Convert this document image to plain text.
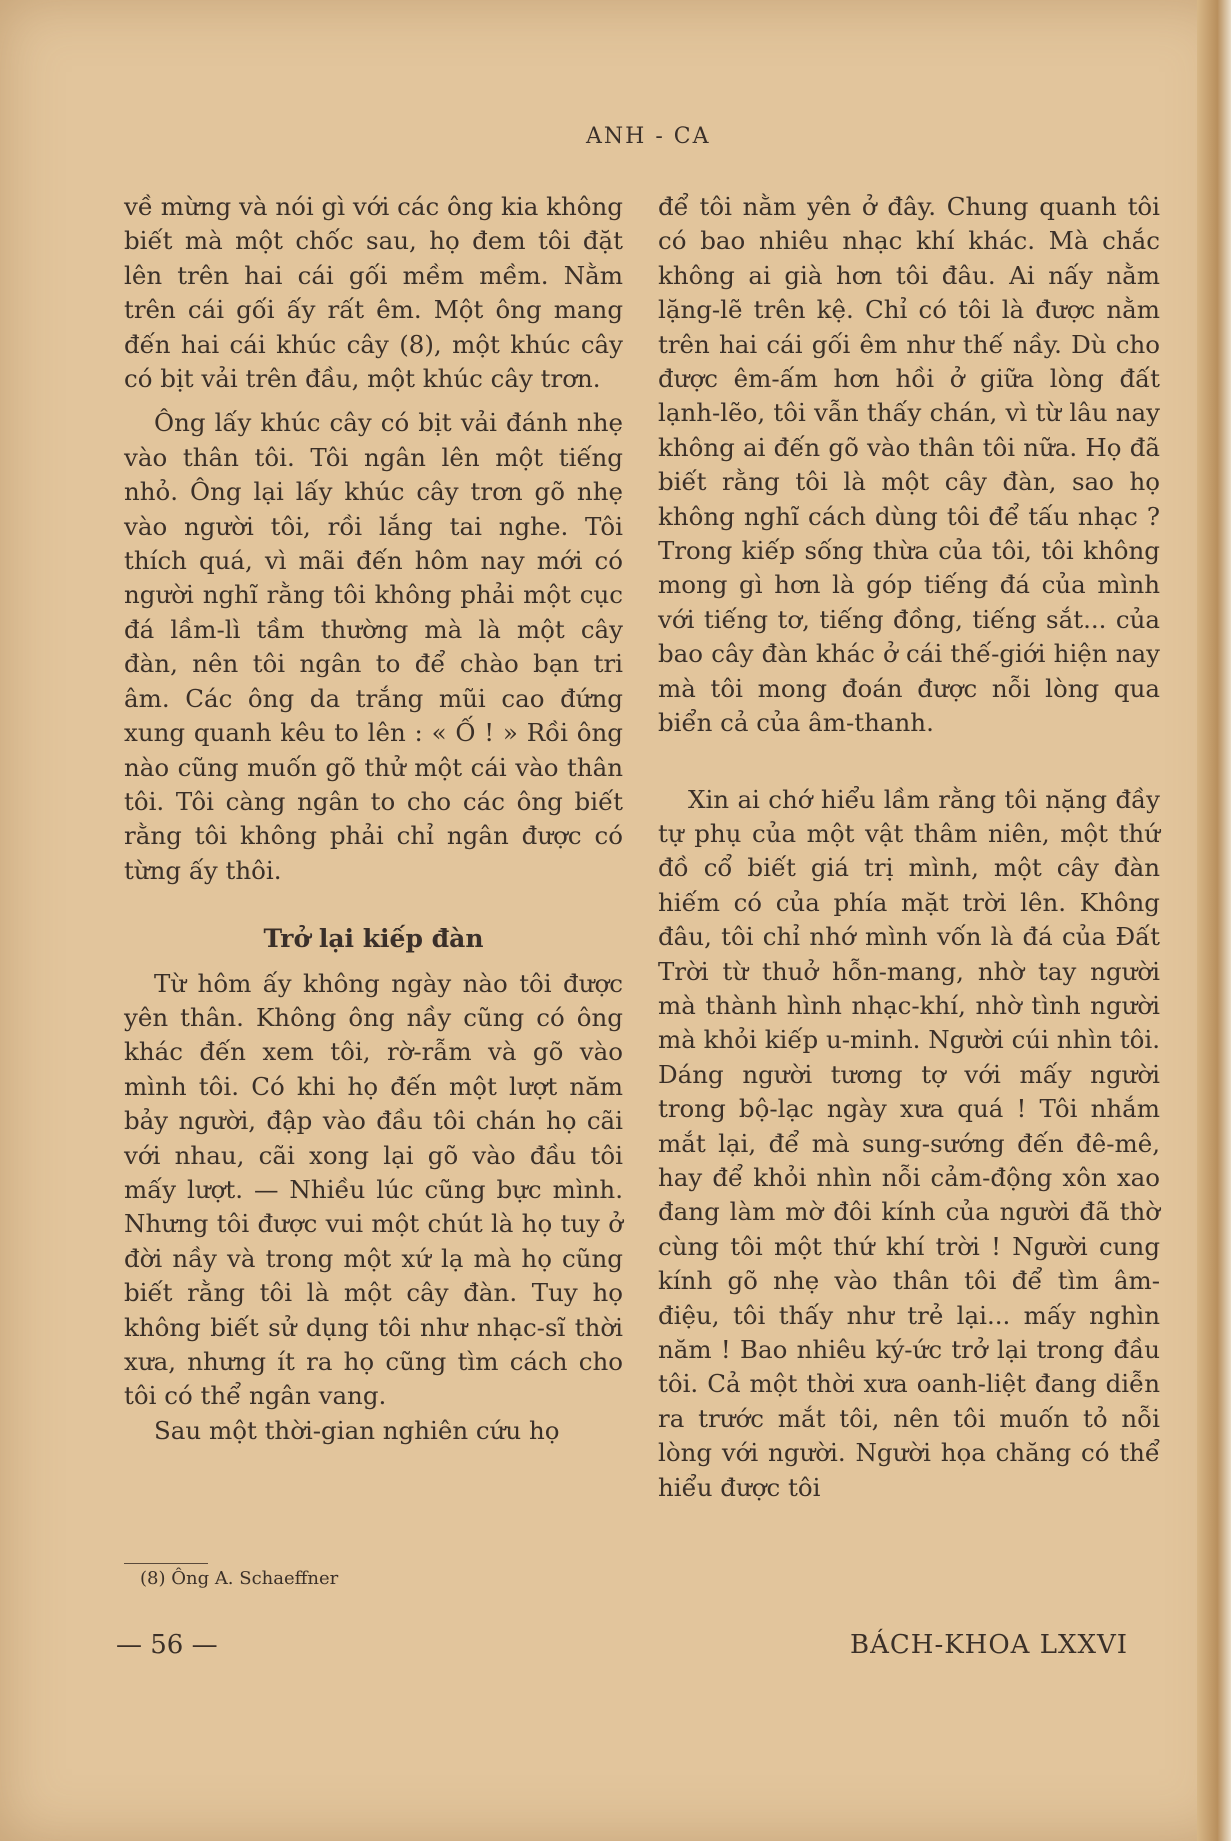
ANH - CA

về mừng và nói gì với các ông kia không biết mà một chốc sau, họ đem tôi đặt lên trên hai cái gối mềm mềm. Nằm trên cái gối ấy rất êm. Một ông mang đến hai cái khúc cây (8), một khúc cây có bịt vải trên đầu, một khúc cây trơn.

Ông lấy khúc cây có bịt vải đánh nhẹ vào thân tôi. Tôi ngân lên một tiếng nhỏ. Ông lại lấy khúc cây trơn gõ nhẹ vào người tôi, rồi lắng tai nghe. Tôi thích quá, vì mãi đến hôm nay mới có người nghĩ rằng tôi không phải một cục đá lầm-lì tầm thường mà là một cây đàn, nên tôi ngân to để chào bạn tri âm. Các ông da trắng mũi cao đứng xung quanh kêu to lên : « Ố ! » Rồi ông nào cũng muốn gõ thử một cái vào thân tôi. Tôi càng ngân to cho các ông biết rằng tôi không phải chỉ ngân được có từng ấy thôi.

Trở lại kiếp đàn

Từ hôm ấy không ngày nào tôi được yên thân. Không ông nầy cũng có ông khác đến xem tôi, rờ-rẫm và gõ vào mình tôi. Có khi họ đến một lượt năm bảy người, đập vào đầu tôi chán họ cãi với nhau, cãi xong lại gõ vào đầu tôi mấy lượt. — Nhiều lúc cũng bực mình. Nhưng tôi được vui một chút là họ tuy ở đời nầy và trong một xứ lạ mà họ cũng biết rằng tôi là một cây đàn. Tuy họ không biết sử dụng tôi như nhạc-sĩ thời xưa, nhưng ít ra họ cũng tìm cách cho tôi có thể ngân vang.

Sau một thời-gian nghiên cứu họ

để tôi nằm yên ở đây. Chung quanh tôi có bao nhiêu nhạc khí khác. Mà chắc không ai già hơn tôi đâu. Ai nấy nằm lặng-lẽ trên kệ. Chỉ có tôi là được nằm trên hai cái gối êm như thế nầy. Dù cho được êm-ấm hơn hồi ở giữa lòng đất lạnh-lẽo, tôi vẫn thấy chán, vì từ lâu nay không ai đến gõ vào thân tôi nữa. Họ đã biết rằng tôi là một cây đàn, sao họ không nghĩ cách dùng tôi để tấu nhạc ? Trong kiếp sống thừa của tôi, tôi không mong gì hơn là góp tiếng đá của mình với tiếng tơ, tiếng đồng, tiếng sắt... của bao cây đàn khác ở cái thế-giới hiện nay mà tôi mong đoán được nỗi lòng qua biển cả của âm-thanh.

Xin ai chớ hiểu lầm rằng tôi nặng đầy tự phụ của một vật thâm niên, một thứ đồ cổ biết giá trị mình, một cây đàn hiếm có của phía mặt trời lên. Không đâu, tôi chỉ nhớ mình vốn là đá của Đất Trời từ thuở hỗn-mang, nhờ tay người mà thành hình nhạc-khí, nhờ tình người mà khỏi kiếp u-minh. Người cúi nhìn tôi. Dáng người tương tợ với mấy người trong bộ-lạc ngày xưa quá ! Tôi nhắm mắt lại, để mà sung-sướng đến đê-mê, hay để khỏi nhìn nỗi cảm-động xôn xao đang làm mờ đôi kính của người đã thờ cùng tôi một thứ khí trời ! Người cung kính gõ nhẹ vào thân tôi để tìm âm-điệu, tôi thấy như trẻ lại... mấy nghìn năm ! Bao nhiêu ký-ức trở lại trong đầu tôi. Cả một thời xưa oanh-liệt đang diễn ra trước mắt tôi, nên tôi muốn tỏ nỗi lòng với người. Người họa chăng có thể hiểu được tôi

(8) Ông A. Schaeffner
— 56 —	BÁCH-KHOA LXXVI
